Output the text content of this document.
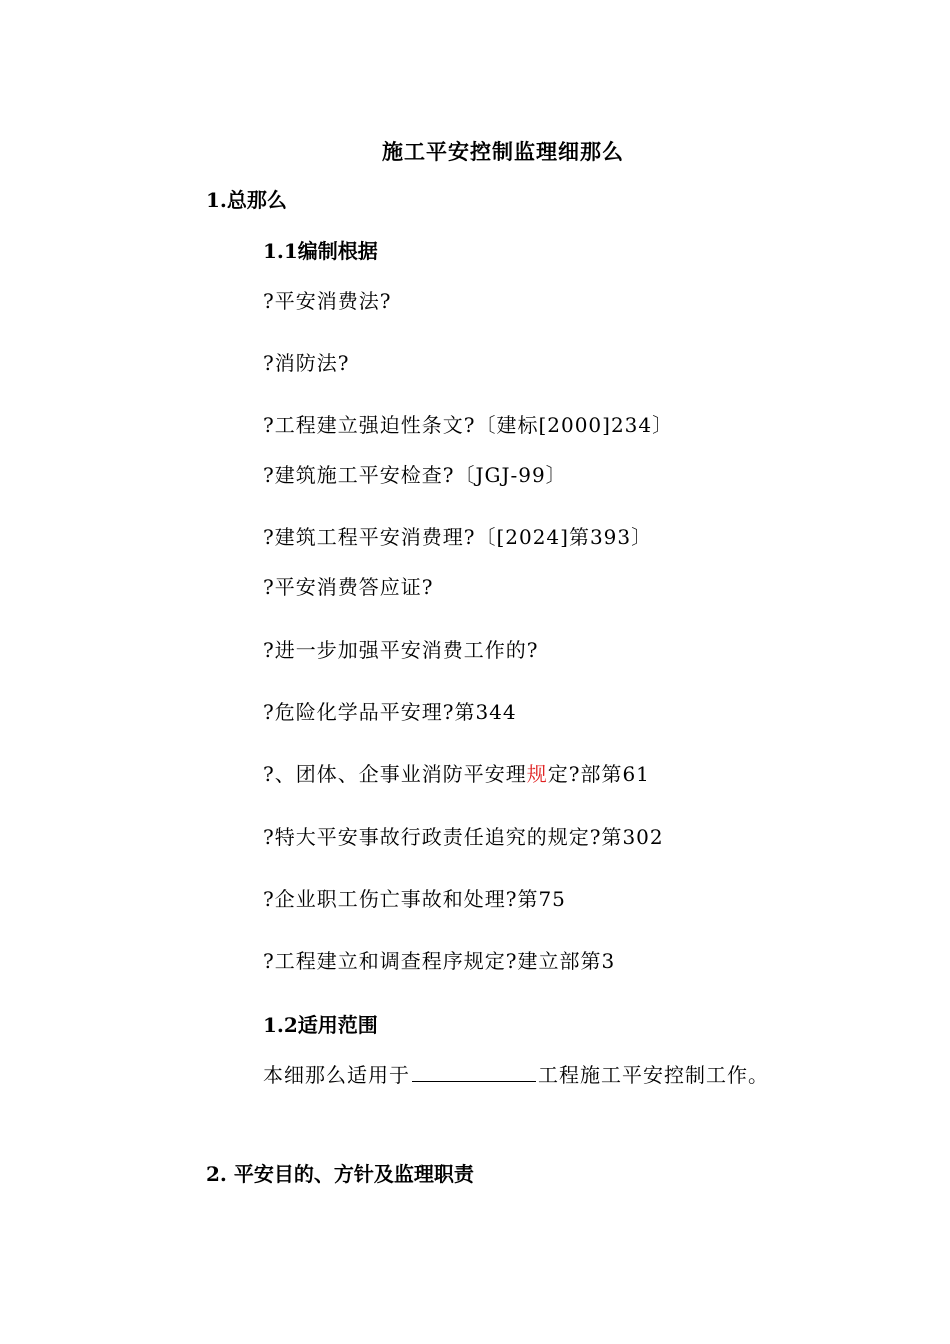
施工平安控制监理细那么
1.总那么
1.1编制根据
?平安消费法?
?消防法?
?工程建立强迫性条文?〔建标[2000]234〕
?建筑施工平安检查?〔JGJ-99〕
?建筑工程平安消费理?〔[2024]第393〕
?平安消费答应证?
?进一步加强平安消费工作的?
?危险化学品平安理?第344
?、团体、企事业消防平安理规定?部第61
?特大平安事故行政责任追究的规定?第302
?企业职工伤亡事故和处理?第75
?工程建立和调查程序规定?建立部第3
1.2适用范围
本细那么适用于	工程施工平安控制工作。
2. 平安目的、方针及监理职责
